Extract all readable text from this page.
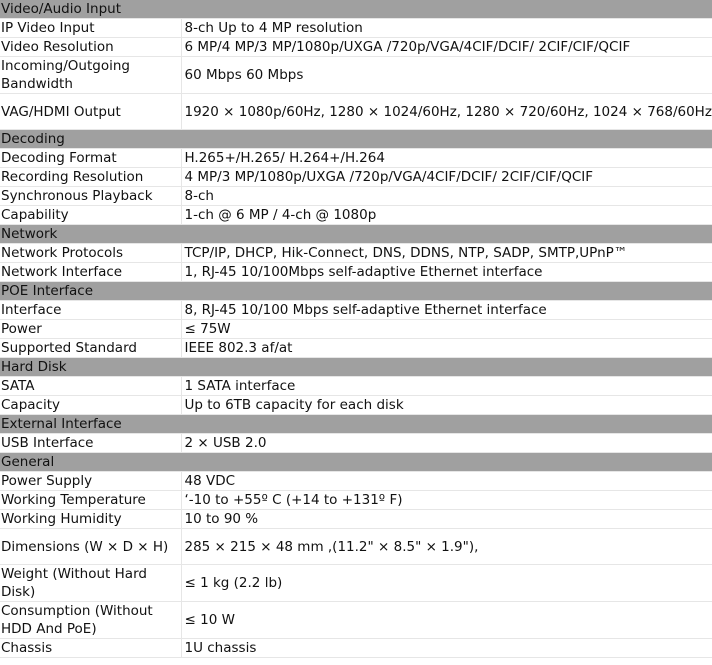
Video/Audio Input	
IP Video Input	8-ch Up to 4 MP resolution
Video Resolution	6 MP/4 MP/3 MP/1080p/UXGA /720p/VGA/4CIF/DCIF/ 2CIF/CIF/QCIF
Incoming/Outgoing Bandwidth	60 Mbps 60 Mbps
VAG/HDMI Output	1920 × 1080p/60Hz, 1280 × 1024/60Hz, 1280 × 720/60Hz, 1024 × 768/60Hz
Decoding	
Decoding Format	H.265+/H.265/ H.264+/H.264
Recording Resolution	4 MP/3 MP/1080p/UXGA /720p/VGA/4CIF/DCIF/ 2CIF/CIF/QCIF
Synchronous Playback	8-ch
Capability	1-ch @ 6 MP / 4-ch @ 1080p
Network	
Network Protocols	TCP/IP, DHCP, Hik-Connect, DNS, DDNS, NTP, SADP, SMTP,UPnP™
Network Interface	1, RJ-45 10/100Mbps self-adaptive Ethernet interface
POE Interface	
Interface	8, RJ-45 10/100 Mbps self-adaptive Ethernet interface
Power	≤ 75W
Supported Standard	IEEE 802.3 af/at
Hard Disk	
SATA	1 SATA interface
Capacity	Up to 6TB capacity for each disk
External Interface	
USB Interface	2 × USB 2.0
General	
Power Supply	48 VDC
Working Temperature	‘-10 to +55º C (+14 to +131º F)
Working Humidity	10 to 90 %
Dimensions (W × D × H)	285 × 215 × 48 mm ,(11.2" × 8.5" × 1.9"),
Weight (Without Hard Disk)	≤ 1 kg (2.2 lb)
Consumption (Without HDD And PoE)	≤ 10 W
Chassis	1U chassis
